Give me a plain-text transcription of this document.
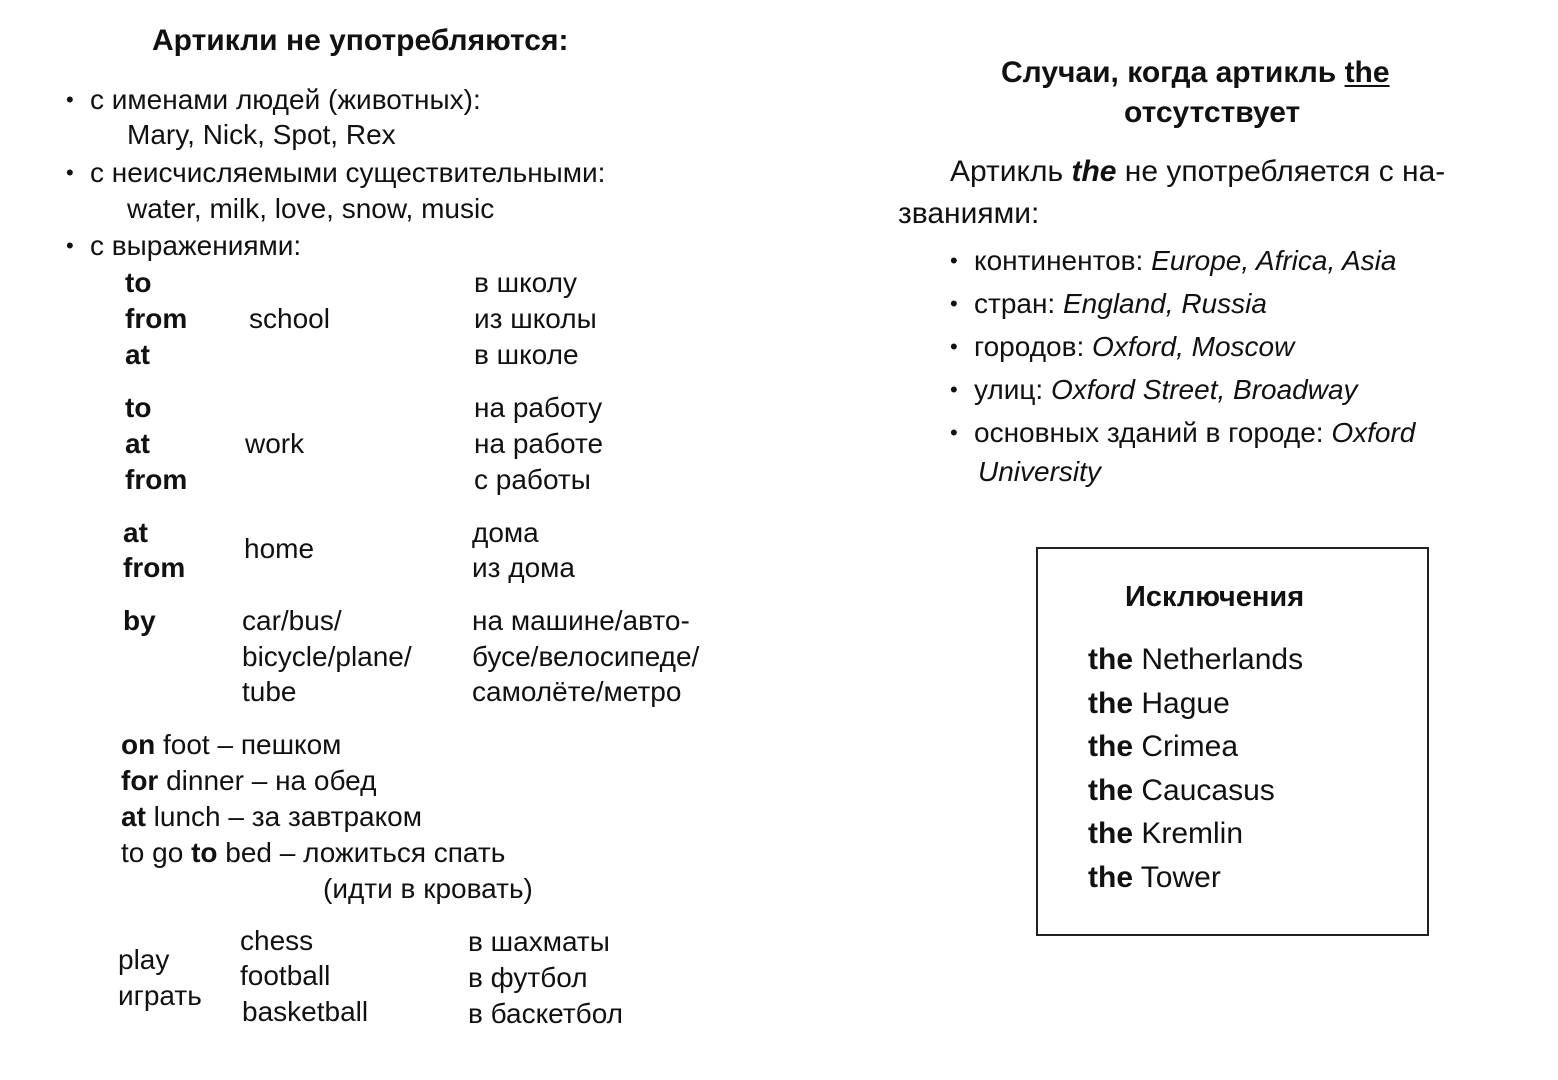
Артикли не употребляются:
• с именами людей (животных):
Mary, Nick, Spot, Rex
• с неисчисляемыми существительными:
water, milk, love, snow, music
• с выражениями:
to
from
at
school
в школу
из школы
в школе
to
at
from
work
на работу
на работе
с работы
at
from
home
дома
из дома
by	car/bus/
bicycle/plane/
tube
на машине/авто-
бусе/велосипеде/
самолёте/метро
on foot – пешком
for dinner – на обед
at lunch – за завтраком
to go to bed – ложиться спать
(идти в кровать)
play
играть
chess
football
basketball
в шахматы
в футбол
в баскетбол
Случаи, когда артикль the
отсутствует
Артикль the не употребляется с на-
званиями:
• континентов: Europe, Africa, Asia
• стран: England, Russia
• городов: Oxford, Moscow
• улиц: Oxford Street, Broadway
• основных зданий в городе: Oxford
University
Исключения
the Netherlands
the Hague
the Crimea
the Caucasus
the Kremlin
the Tower
